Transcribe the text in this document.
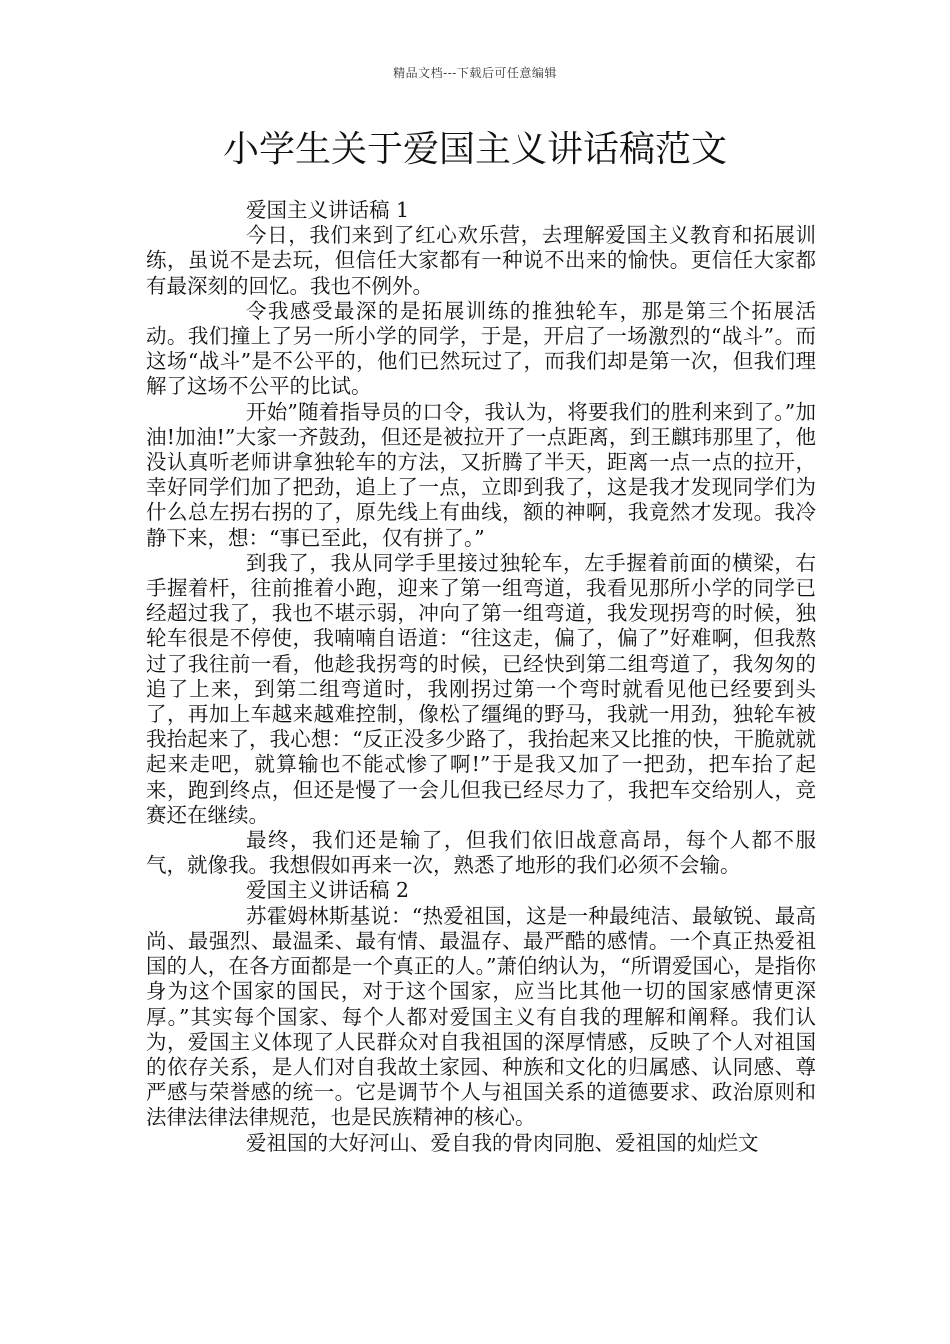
精品文档---下载后可任意编辑
小学生关于爱国主义讲话稿范文

爱国主义讲话稿 1

今日，我们来到了红心欢乐营，去理解爱国主义教育和拓展训练，虽说不是去玩，但信任大家都有一种说不出来的愉快。更信任大家都有最深刻的回忆。我也不例外。

令我感受最深的是拓展训练的推独轮车，那是第三个拓展活动。我们撞上了另一所小学的同学，于是，开启了一场激烈的“战斗”。而这场“战斗”是不公平的，他们已然玩过了，而我们却是第一次，但我们理解了这场不公平的比试。

开始”随着指导员的口令，我认为，将要我们的胜利来到了。”加油!加油!”大家一齐鼓劲，但还是被拉开了一点距离，到王麒玮那里了，他没认真听老师讲拿独轮车的方法，又折腾了半天，距离一点一点的拉开，幸好同学们加了把劲，追上了一点，立即到我了，这是我才发现同学们为什么总左拐右拐的了，原先线上有曲线，额的神啊，我竟然才发现。我冷静下来，想：“事已至此，仅有拼了。”

到我了，我从同学手里接过独轮车，左手握着前面的横梁，右手握着杆，往前推着小跑，迎来了第一组弯道，我看见那所小学的同学已经超过我了，我也不堪示弱，冲向了第一组弯道，我发现拐弯的时候，独轮车很是不停使，我喃喃自语道：“往这走，偏了，偏了”好难啊，但我熬过了我往前一看，他趁我拐弯的时候，已经快到第二组弯道了，我匆匆的追了上来，到第二组弯道时，我刚拐过第一个弯时就看见他已经要到头了，再加上车越来越难控制，像松了缰绳的野马，我就一用劲，独轮车被我抬起来了，我心想：“反正没多少路了，我抬起来又比推的快，干脆就就起来走吧，就算输也不能忒惨了啊!”于是我又加了一把劲，把车抬了起来，跑到终点，但还是慢了一会儿但我已经尽力了，我把车交给别人，竞赛还在继续。

最终，我们还是输了，但我们依旧战意高昂，每个人都不服气，就像我。我想假如再来一次，熟悉了地形的我们必须不会输。

爱国主义讲话稿 2

苏霍姆林斯基说：“热爱祖国，这是一种最纯洁、最敏锐、最高尚、最强烈、最温柔、最有情、最温存、最严酷的感情。一个真正热爱祖国的人，在各方面都是一个真正的人。”萧伯纳认为，“所谓爱国心，是指你身为这个国家的国民，对于这个国家，应当比其他一切的国家感情更深厚。”其实每个国家、每个人都对爱国主义有自我的理解和阐释。我们认为，爱国主义体现了人民群众对自我祖国的深厚情感，反映了个人对祖国的依存关系，是人们对自我故土家园、种族和文化的归属感、认同感、尊严感与荣誉感的统一。它是调节个人与祖国关系的道德要求、政治原则和法律法律法律规范，也是民族精神的核心。

爱祖国的大好河山、爱自我的骨肉同胞、爱祖国的灿烂文
